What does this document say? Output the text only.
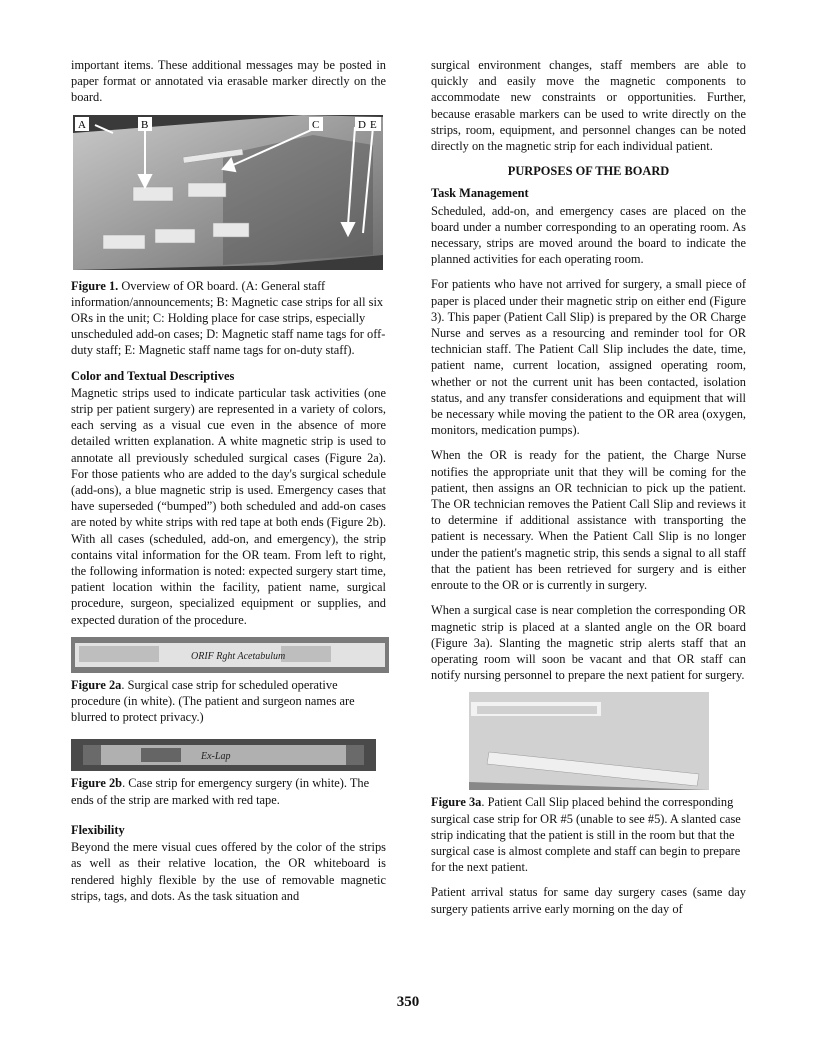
important items. These additional messages may be posted in paper format or annotated via erasable marker directly on the board.

A	B	C	D E

Figure 1. Overview of OR board. (A: General staff information/announcements; B: Magnetic case strips for all six ORs in the unit; C: Holding place for case strips, especially unscheduled add-on cases; D: Magnetic staff name tags for off-duty staff; E: Magnetic staff name tags for on-duty staff).

Color and Textual Descriptives

Magnetic strips used to indicate particular task activities (one strip per patient surgery) are represented in a variety of colors, each serving as a visual cue even in the absence of more detailed written explanation. A white magnetic strip is used to annotate all previously scheduled surgical cases (Figure 2a). For those patients who are added to the day's surgical schedule (add-ons), a blue magnetic strip is used. Emergency cases that have superseded (“bumped”) both scheduled and add-on cases are noted by white strips with red tape at both ends (Figure 2b). With all cases (scheduled, add-on, and emergency), the strip contains vital information for the OR team. From left to right, the following information is noted: expected surgery start time, patient location within the facility, patient name, surgical procedure, surgeon, specialized equipment or supplies, and expected duration of the procedure.

ORIF Rght Acetabulum

Figure 2a. Surgical case strip for scheduled operative procedure (in white). (The patient and surgeon names are blurred to protect privacy.)

Ex-Lap

Figure 2b. Case strip for emergency surgery (in white). The ends of the strip are marked with red tape.

Flexibility

Beyond the mere visual cues offered by the color of the strips as well as their relative location, the OR whiteboard is rendered highly flexible by the use of removable magnetic strips, tags, and dots. As the task situation and

surgical environment changes, staff members are able to quickly and easily move the magnetic components to accommodate new constraints or opportunities. Further, because erasable markers can be used to write directly on the strips, room, equipment, and personnel changes can be noted directly on the magnetic strip for each individual patient.

PURPOSES OF THE BOARD
Task Management

Scheduled, add-on, and emergency cases are placed on the board under a number corresponding to an operating room. As necessary, strips are moved around the board to indicate the planned activities for each operating room.

For patients who have not arrived for surgery, a small piece of paper is placed under their magnetic strip on either end (Figure 3). This paper (Patient Call Slip) is prepared by the OR Charge Nurse and serves as a resourcing and reminder tool for OR technician staff. The Patient Call Slip includes the date, time, patient name, current location, assigned operating room, whether or not the current unit has been contacted, isolation status, and any transfer considerations and equipment that will be necessary while moving the patient to the OR area (oxygen, monitors, medication pumps).

When the OR is ready for the patient, the Charge Nurse notifies the appropriate unit that they will be coming for the patient, then assigns an OR technician to pick up the patient. The OR technician removes the Patient Call Slip and reviews it to determine if additional assistance with transporting the patient is necessary. When the Patient Call Slip is no longer under the patient's magnetic strip, this sends a signal to all staff that the patient has been retrieved for surgery and is either enroute to the OR or is currently in surgery.

When a surgical case is near completion the corresponding OR magnetic strip is placed at a slanted angle on the OR board (Figure 3a). Slanting the magnetic strip alerts staff that an operating room will soon be vacant and that OR staff can notify nursing personnel to prepare the next patient for surgery.

Figure 3a. Patient Call Slip placed behind the corresponding surgical case strip for OR #5 (unable to see #5). A slanted case strip indicating that the patient is still in the room but that the surgical case is almost complete and staff can begin to prepare for the next patient.

Patient arrival status for same day surgery cases (same day surgery patients arrive early morning on the day of

350
